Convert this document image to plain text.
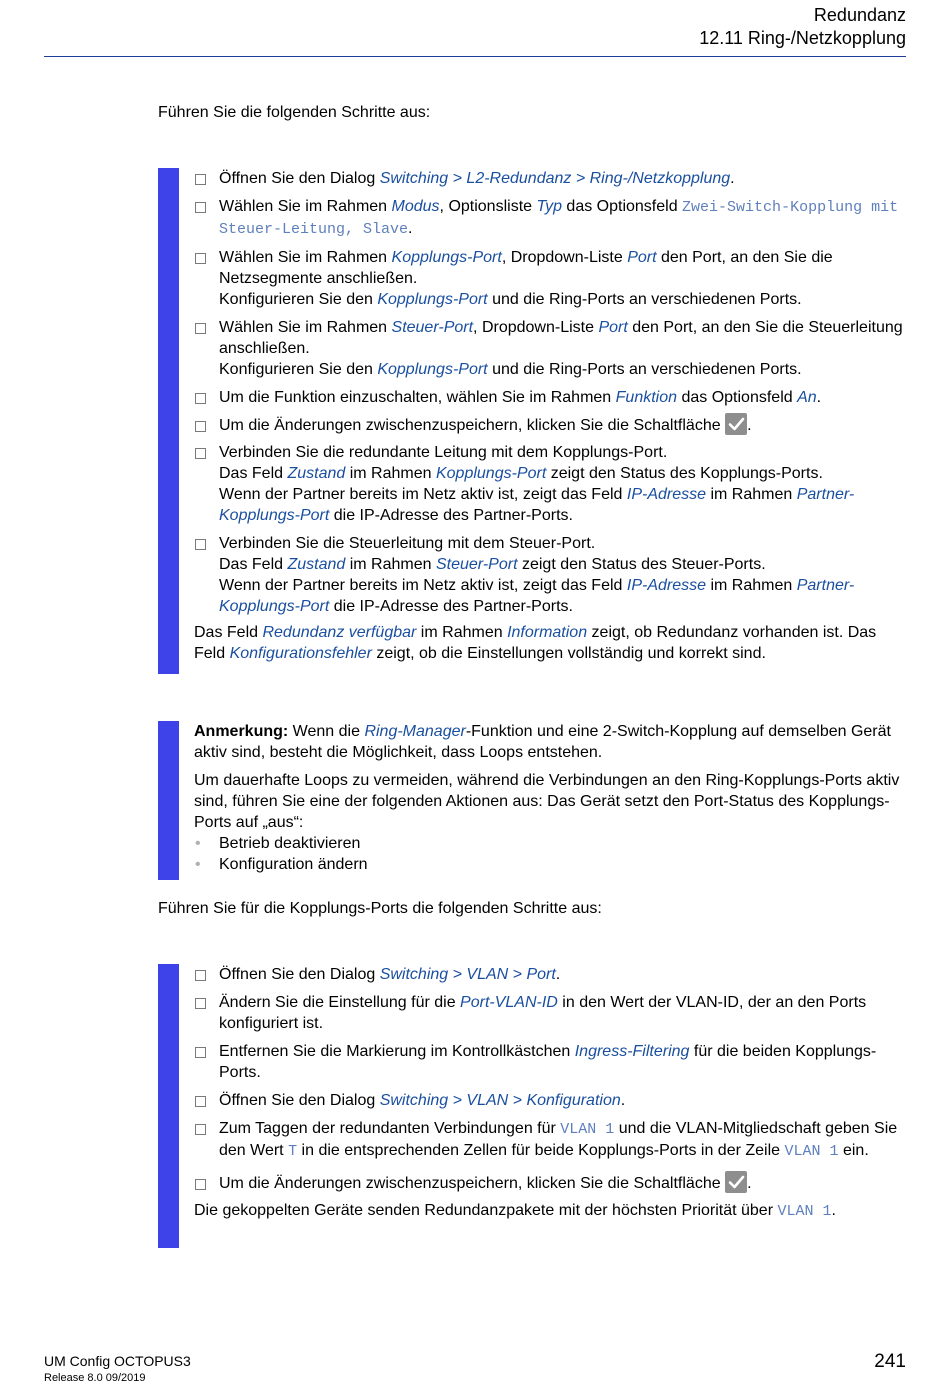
Redundanz
12.11 Ring-/Netzkopplung
Führen Sie die folgenden Schritte aus:
Öffnen Sie den Dialog Switching > L2-Redundanz > Ring-/Netzkopplung.
Wählen Sie im Rahmen Modus, Optionsliste Typ das Optionsfeld Zwei-Switch-Kopplung mit Steuer-Leitung, Slave.
Wählen Sie im Rahmen Kopplungs-Port, Dropdown-Liste Port den Port, an den Sie die Netzsegmente anschließen.
Konfigurieren Sie den Kopplungs-Port und die Ring-Ports an verschiedenen Ports.
Wählen Sie im Rahmen Steuer-Port, Dropdown-Liste Port den Port, an den Sie die Steuerleitung anschließen.
Konfigurieren Sie den Kopplungs-Port und die Ring-Ports an verschiedenen Ports.
Um die Funktion einzuschalten, wählen Sie im Rahmen Funktion das Optionsfeld An.
Um die Änderungen zwischenzuspeichern, klicken Sie die Schaltfläche
.
Verbinden Sie die redundante Leitung mit dem Kopplungs-Port.
Das Feld Zustand im Rahmen Kopplungs-Port zeigt den Status des Kopplungs-Ports.
Wenn der Partner bereits im Netz aktiv ist, zeigt das Feld IP-Adresse im Rahmen Partner-Kopplungs-Port die IP-Adresse des Partner-Ports.
Verbinden Sie die Steuerleitung mit dem Steuer-Port.
Das Feld Zustand im Rahmen Steuer-Port zeigt den Status des Steuer-Ports.
Wenn der Partner bereits im Netz aktiv ist, zeigt das Feld IP-Adresse im Rahmen Partner-Kopplungs-Port die IP-Adresse des Partner-Ports.
Das Feld Redundanz verfügbar im Rahmen Information zeigt, ob Redundanz vorhanden ist. Das Feld Konfigurationsfehler zeigt, ob die Einstellungen vollständig und korrekt sind.

Anmerkung: Wenn die Ring-Manager-Funktion und eine 2-Switch-Kopplung auf demselben Gerät aktiv sind, besteht die Möglichkeit, dass Loops entstehen.

Um dauerhafte Loops zu vermeiden, während die Verbindungen an den Ring-Kopplungs-Ports aktiv sind, führen Sie eine der folgenden Aktionen aus: Das Gerät setzt den Port-Status des Kopplungs-Ports auf „aus“:

• Betrieb deaktivieren
• Konfiguration ändern
Führen Sie für die Kopplungs-Ports die folgenden Schritte aus:
Öffnen Sie den Dialog Switching > VLAN > Port.
Ändern Sie die Einstellung für die Port-VLAN-ID in den Wert der VLAN-ID, der an den Ports konfiguriert ist.
Entfernen Sie die Markierung im Kontrollkästchen Ingress-Filtering für die beiden Kopplungs-Ports.
Öffnen Sie den Dialog Switching > VLAN > Konfiguration.
Zum Taggen der redundanten Verbindungen für VLAN 1 und die VLAN-Mitgliedschaft geben Sie den Wert T in die entsprechenden Zellen für beide Kopplungs-Ports in der Zeile VLAN 1 ein.
Um die Änderungen zwischenzuspeichern, klicken Sie die Schaltfläche
.
Die gekoppelten Geräte senden Redundanzpakete mit der höchsten Priorität über VLAN 1.
UM Config OCTOPUS3
Release 8.0 09/2019
241
